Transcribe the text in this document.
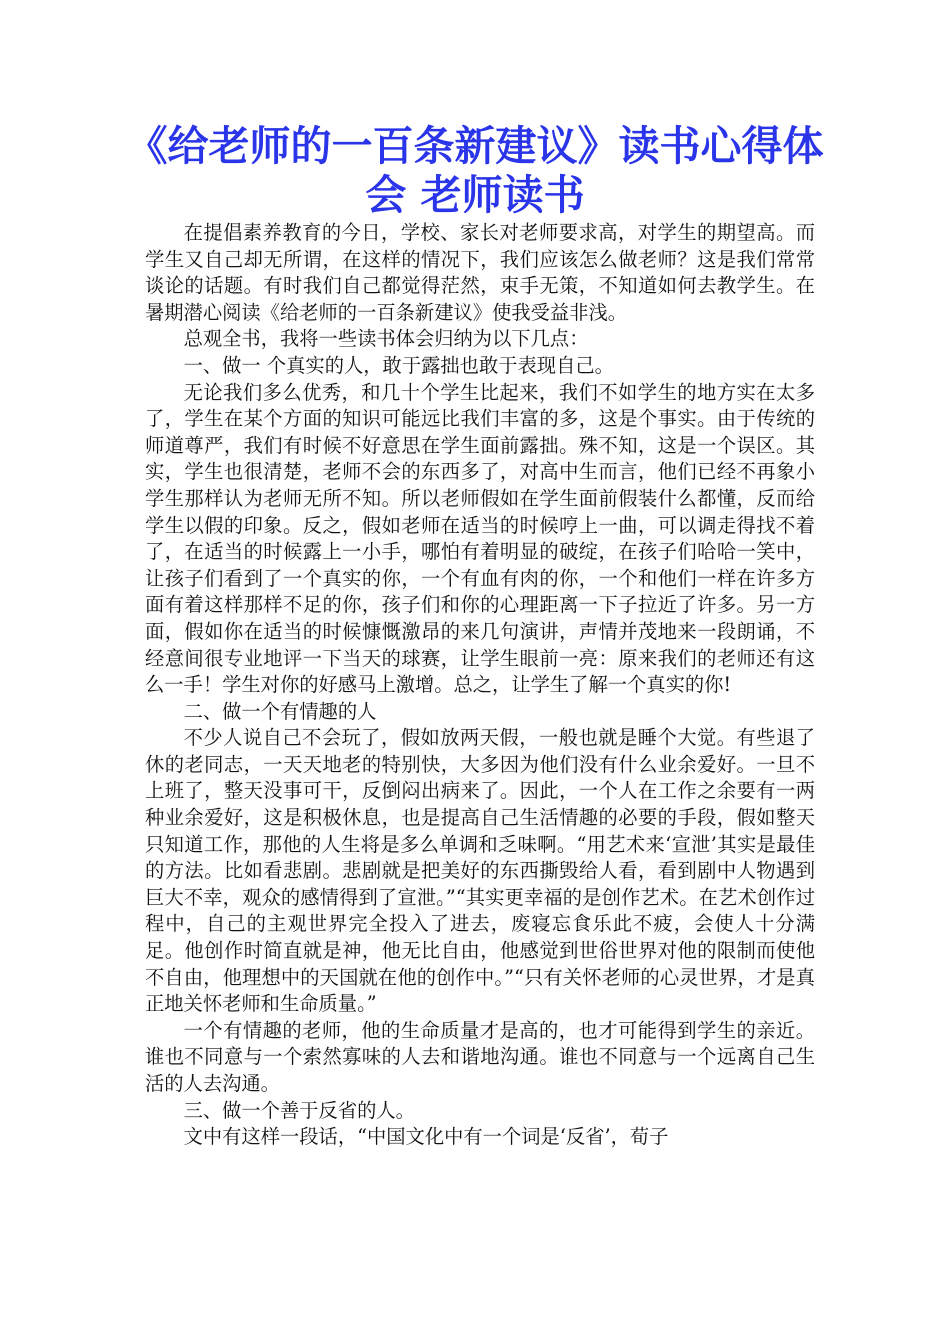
《给老师的一百条新建议》读书心得体会 老师读书

在提倡素养教育的今日，学校、家长对老师要求高，对学生的期望高。而学生又自己却无所谓，在这样的情况下，我们应该怎么做老师？这是我们常常谈论的话题。有时我们自己都觉得茫然，束手无策，不知道如何去教学生。在暑期潜心阅读《给老师的一百条新建议》使我受益非浅。

总观全书，我将一些读书体会归纳为以下几点：

一、做一 个真实的人，敢于露拙也敢于表现自己。

无论我们多么优秀，和几十个学生比起来，我们不如学生的地方实在太多了，学生在某个方面的知识可能远比我们丰富的多，这是个事实。由于传统的师道尊严，我们有时候不好意思在学生面前露拙。殊不知，这是一个误区。其实，学生也很清楚，老师不会的东西多了，对高中生而言，他们已经不再象小学生那样认为老师无所不知。所以老师假如在学生面前假装什么都懂，反而给学生以假的印象。反之，假如老师在适当的时候哼上一曲，可以调走得找不着了，在适当的时候露上一小手，哪怕有着明显的破绽，在孩子们哈哈一笑中，让孩子们看到了一个真实的你，一个有血有肉的你，一个和他们一样在许多方面有着这样那样不足的你，孩子们和你的心理距离一下子拉近了许多。另一方面，假如你在适当的时候慷慨激昂的来几句演讲，声情并茂地来一段朗诵，不经意间很专业地评一下当天的球赛，让学生眼前一亮：原来我们的老师还有这么一手！学生对你的好感马上激增。总之，让学生了解一个真实的你!

二、做一个有情趣的人

不少人说自己不会玩了，假如放两天假，一般也就是睡个大觉。有些退了休的老同志，一天天地老的特别快，大多因为他们没有什么业余爱好。一旦不上班了，整天没事可干，反倒闷出病来了。因此，一个人在工作之余要有一两种业余爱好，这是积极休息，也是提高自己生活情趣的必要的手段，假如整天只知道工作，那他的人生将是多么单调和乏味啊。“用艺术来‘宣泄’其实是最佳的方法。比如看悲剧。悲剧就是把美好的东西撕毁给人看，看到剧中人物遇到巨大不幸，观众的感情得到了宣泄。”“其实更幸福的是创作艺术。在艺术创作过程中，自己的主观世界完全投入了进去，废寝忘食乐此不疲，会使人十分满足。他创作时简直就是神，他无比自由，他感觉到世俗世界对他的限制而使他不自由，他理想中的天国就在他的创作中。”“只有关怀老师的心灵世界，才是真正地关怀老师和生命质量。”

一个有情趣的老师，他的生命质量才是高的，也才可能得到学生的亲近。谁也不同意与一个索然寡味的人去和谐地沟通。谁也不同意与一个远离自己生活的人去沟通。

三、做一个善于反省的人。

文中有这样一段话，“中国文化中有一个词是‘反省’，荀子
